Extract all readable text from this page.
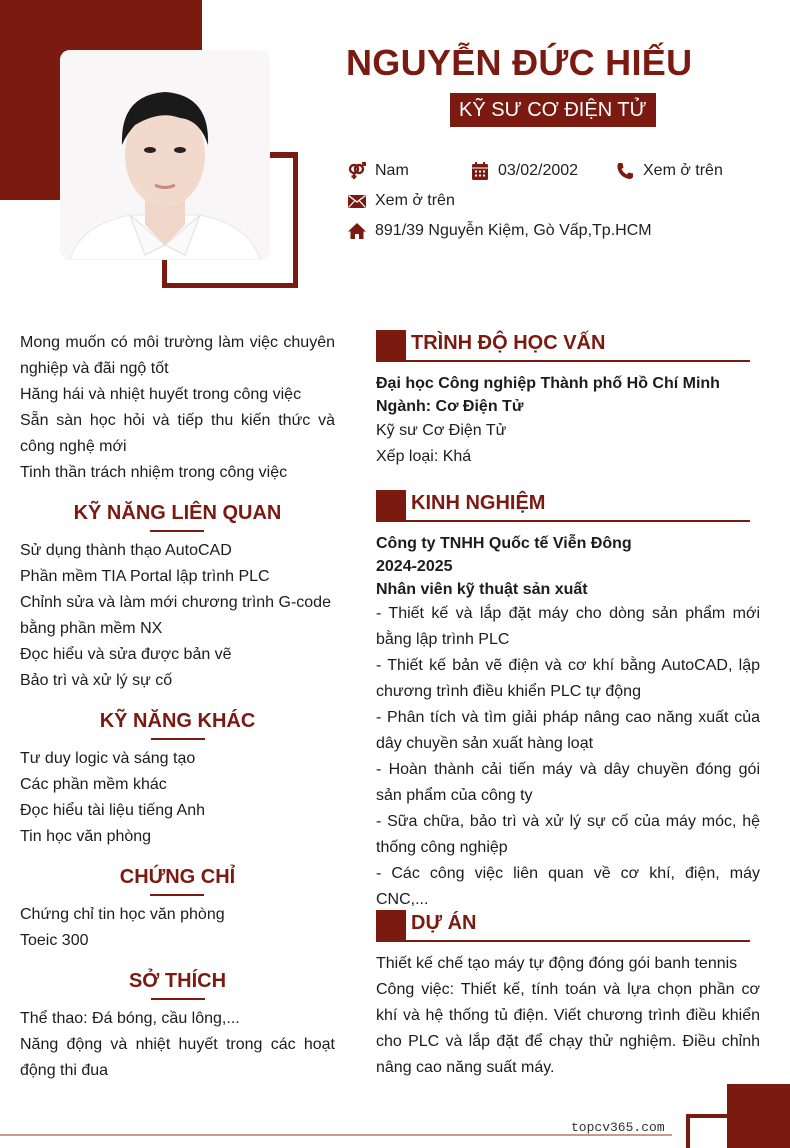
NGUYỄN ĐỨC HIẾU
KỸ SƯ CƠ ĐIỆN TỬ
Nam	03/02/2002	Xem ở trên
Xem ở trên
891/39 Nguyễn Kiệm, Gò Vấp,Tp.HCM
Mong muốn có môi trường làm việc chuyên nghiệp và đãi ngộ tốt
Hăng hái và nhiệt huyết trong công việc
Sẵn sàn học hỏi và tiếp thu kiến thức và công nghệ mới
Tinh thần trách nhiệm trong công việc
KỸ NĂNG LIÊN QUAN
Sử dụng thành thạo AutoCAD
Phần mềm TIA Portal lập trình PLC
Chỉnh sửa và làm mới chương trình G-code bằng phần mềm NX
Đọc hiểu và sửa được bản vẽ
Bảo trì và xử lý sự cố
KỸ NĂNG KHÁC
Tư duy logic và sáng tạo
Các phần mềm khác
Đọc hiểu tài liệu tiếng Anh
Tin học văn phòng
CHỨNG CHỈ
Chứng chỉ tin học văn phòng
Toeic 300
SỞ THÍCH
Thể thao: Đá bóng, cầu lông,...
Năng động và nhiệt huyết trong các hoạt động thi đua
TRÌNH ĐỘ HỌC VẤN
Đại học Công nghiệp Thành phố Hồ Chí Minh
Ngành: Cơ Điện Tử
Kỹ sư Cơ Điện Tử
Xếp loại: Khá
KINH NGHIỆM
Công ty TNHH Quốc tế Viễn Đông
2024-2025
Nhân viên kỹ thuật sản xuất
- Thiết kế và lắp đặt máy cho dòng sản phẩm mới bằng lập trình PLC
- Thiết kế bản vẽ điện và cơ khí bằng AutoCAD, lập chương trình điều khiển PLC tự động
- Phân tích và tìm giải pháp nâng cao năng xuất của dây chuyền sản xuất hàng loạt
- Hoàn thành cải tiến máy và dây chuyền đóng gói sản phẩm của công ty
- Sữa chữa, bảo trì và xử lý sự cố của máy móc, hệ thống công nghiệp
- Các công việc liên quan về cơ khí, điện, máy CNC,...
DỰ ÁN
Thiết kế chế tạo máy tự động đóng gói banh tennis
Công việc: Thiết kế, tính toán và lựa chọn phần cơ khí và hệ thống tủ điện. Viết chương trình điều khiển cho PLC và lắp đặt để chạy thử nghiệm. Điều chỉnh nâng cao năng suất máy.
topcv365.com
